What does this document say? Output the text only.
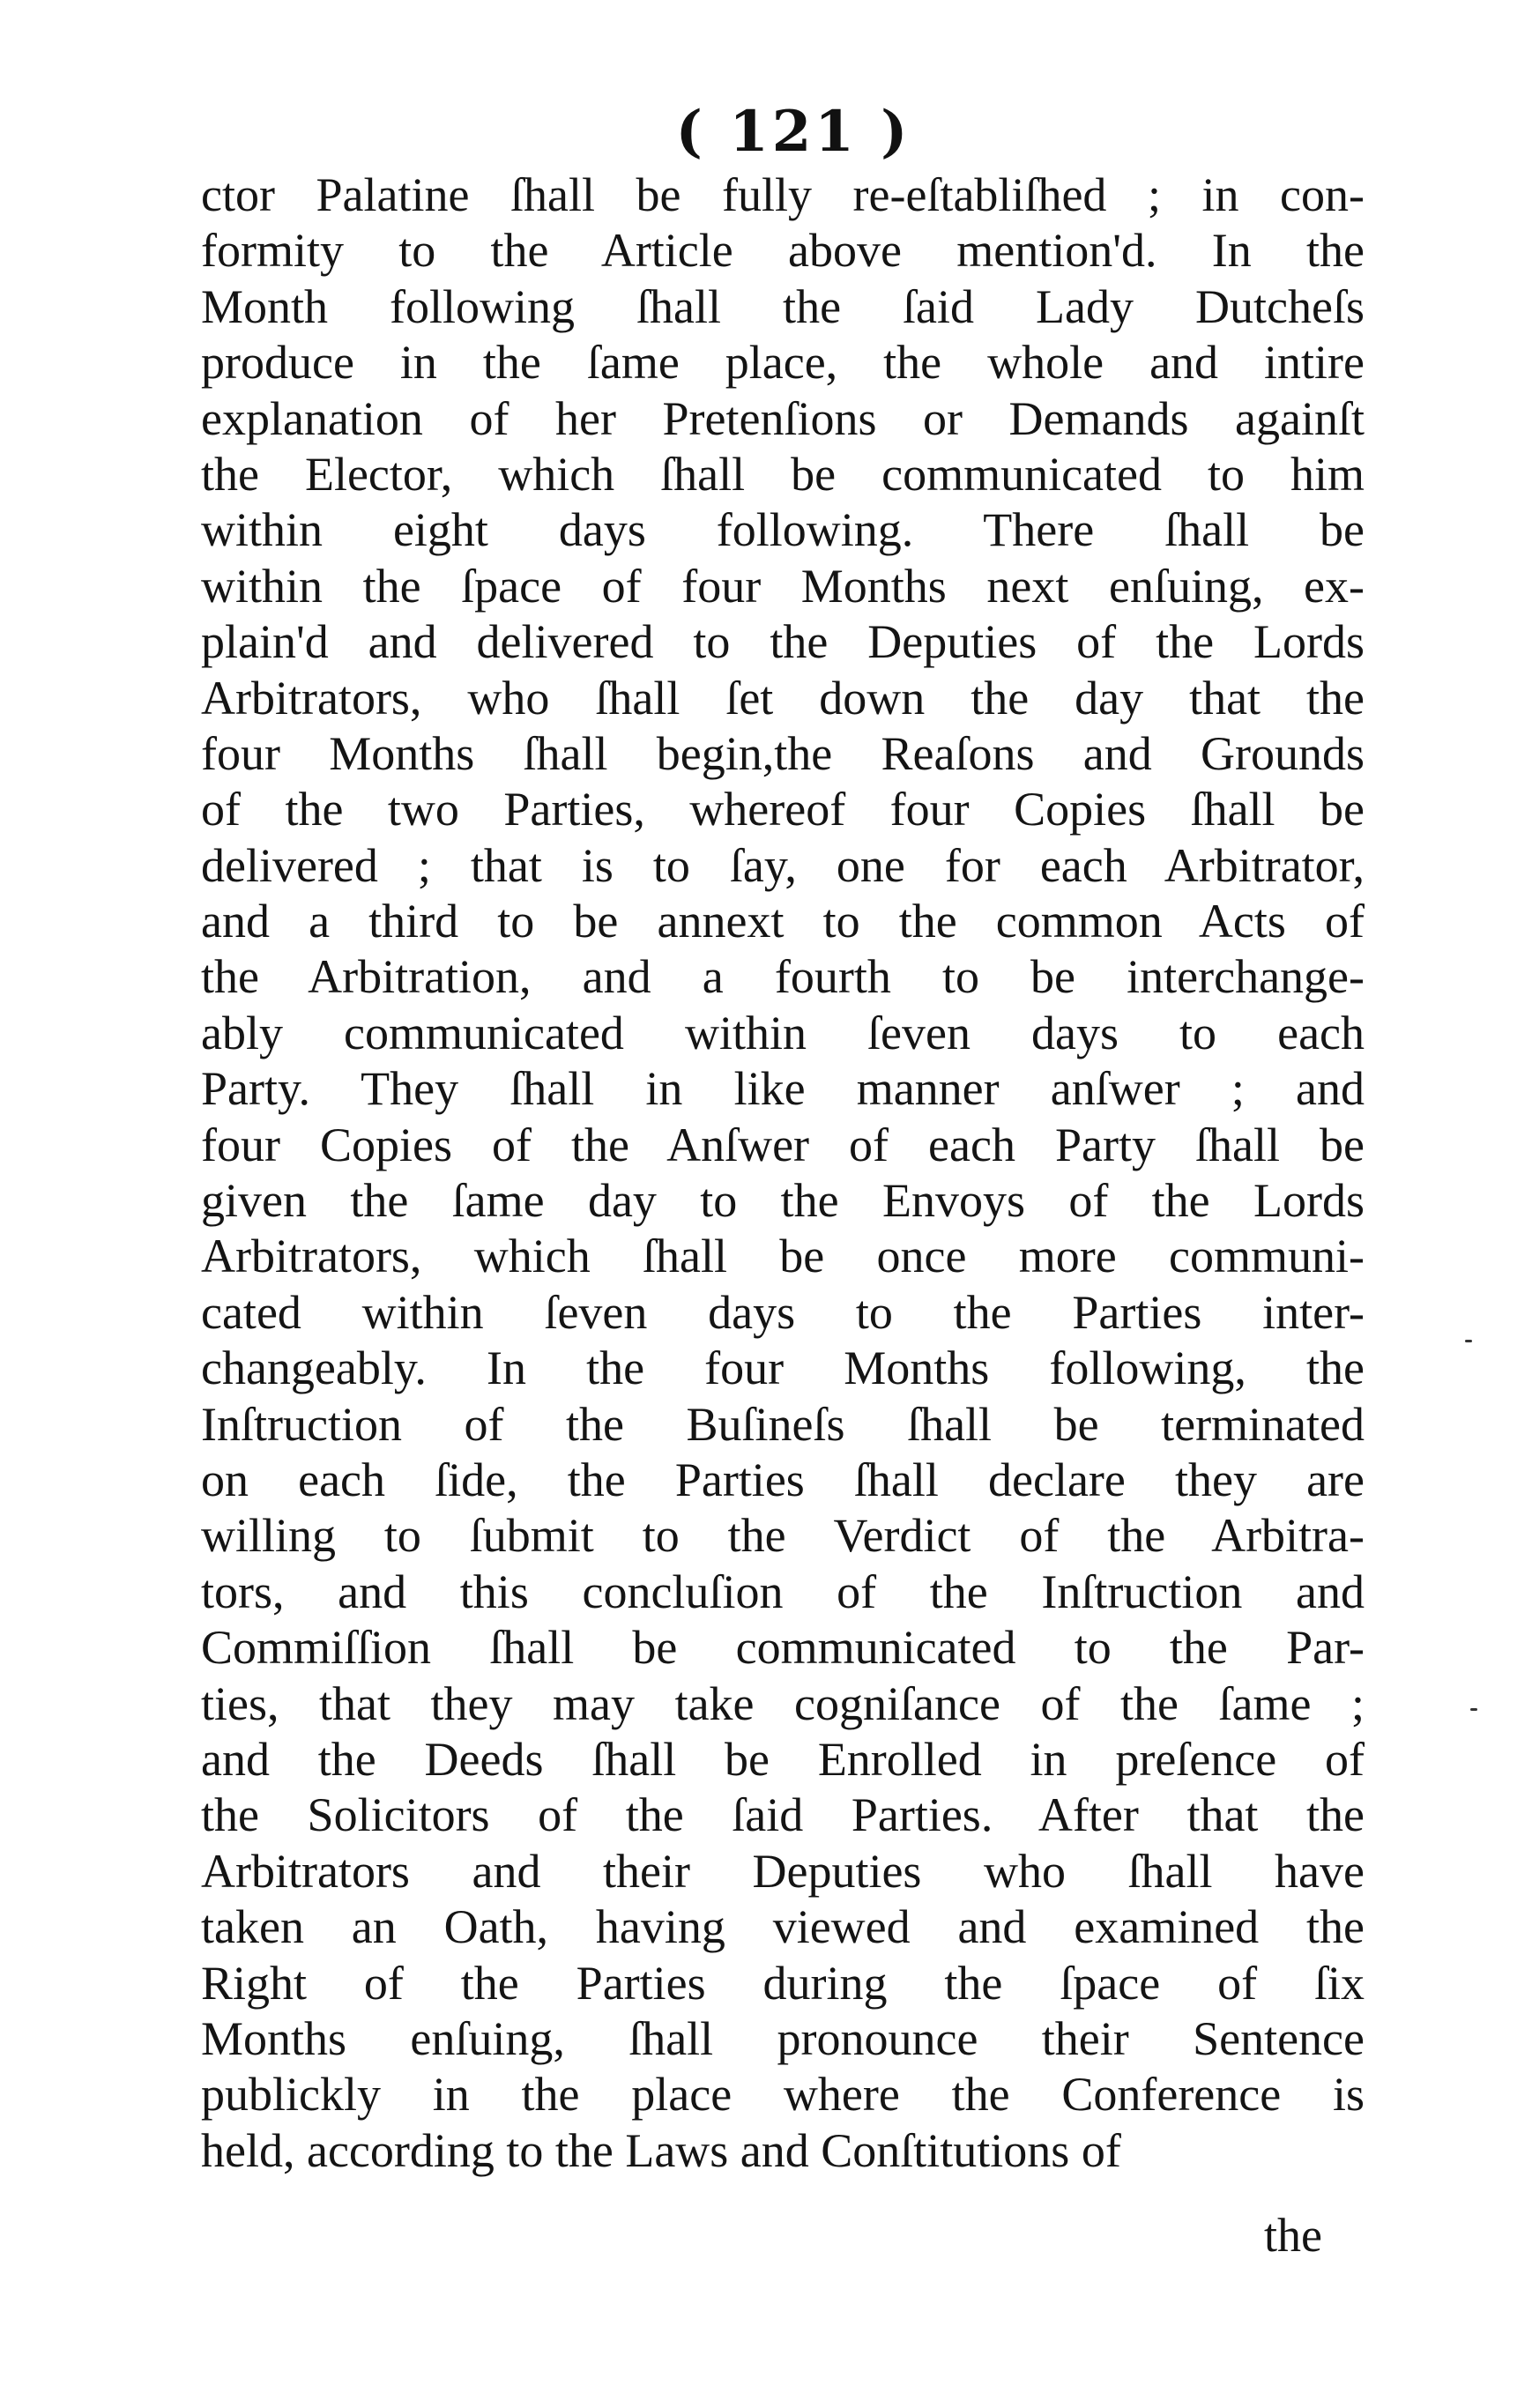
( 121 )
ctor Palatine ſhall be fully re-eſtabliſhed ; in con-
formity to the Article above mention'd. In the
Month following ſhall the ſaid Lady Dutcheſs
produce in the ſame place, the whole and intire
explanation of her Pretenſions or Demands againſt
the Elector, which ſhall be communicated to him
within eight days following. There ſhall be
within the ſpace of four Months next enſuing, ex-
plain'd and delivered to the Deputies of the Lords
Arbitrators, who ſhall ſet down the day that the
four Months ſhall begin,the Reaſons and Grounds
of the two Parties, whereof four Copies ſhall be
delivered ; that is to ſay, one for each Arbitrator,
and a third to be annext to the common Acts of
the Arbitration, and a fourth to be interchange-
ably communicated within ſeven days to each
Party. They ſhall in like manner anſwer ; and
four Copies of the Anſwer of each Party ſhall be
given the ſame day to the Envoys of the Lords
Arbitrators, which ſhall be once more communi-
cated within ſeven days to the Parties inter-
changeably. In the four Months following, the
Inſtruction of the Buſineſs ſhall be terminated
on each ſide, the Parties ſhall declare they are
willing to ſubmit to the Verdict of the Arbitra-
tors, and this concluſion of the Inſtruction and
Commiſſion ſhall be communicated to the Par-
ties, that they may take cogniſance of the ſame ;
and the Deeds ſhall be Enrolled in preſence of
the Solicitors of the ſaid Parties. After that the
Arbitrators and their Deputies who ſhall have
taken an Oath, having viewed and examined the
Right of the Parties during the ſpace of ſix
Months enſuing, ſhall pronounce their Sentence
publickly in the place where the Conference is
held, according to the Laws and Conſtitutions of
the
